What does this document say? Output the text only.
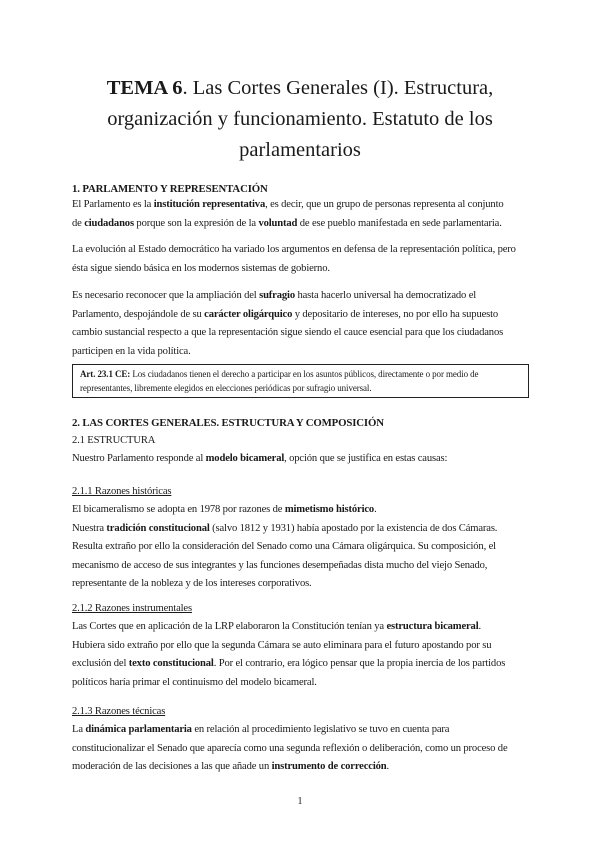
TEMA 6. Las Cortes Generales (I). Estructura,
organización y funcionamiento. Estatuto de los
parlamentarios
1. PARLAMENTO Y REPRESENTACIÓN
El Parlamento es la institución representativa, es decir, que un grupo de personas representa al conjunto
de ciudadanos porque son la expresión de la voluntad de ese pueblo manifestada en sede parlamentaria.
La evolución al Estado democrático ha variado los argumentos en defensa de la representación política, pero
ésta sigue siendo básica en los modernos sistemas de gobierno.
Es necesario reconocer que la ampliación del sufragio hasta hacerlo universal ha democratizado el
Parlamento, despojándole de su carácter oligárquico y depositario de intereses, no por ello ha supuesto
cambio sustancial respecto a que la representación sigue siendo el cauce esencial para que los ciudadanos
participen en la vida política.
2. LAS CORTES GENERALES. ESTRUCTURA Y COMPOSICIÓN
2.1 ESTRUCTURA
Nuestro Parlamento responde al modelo bicameral, opción que se justifica en estas causas:
2.1.1 Razones históricas
El bicameralismo se adopta en 1978 por razones de mimetismo histórico.
Nuestra tradición constitucional (salvo 1812 y 1931) había apostado por la existencia de dos Cámaras.
Resulta extraño por ello la consideración del Senado como una Cámara oligárquica. Su composición, el
mecanismo de acceso de sus integrantes y las funciones desempeñadas dista mucho del viejo Senado,
representante de la nobleza y de los intereses corporativos.
2.1.2 Razones instrumentales
Las Cortes que en aplicación de la LRP elaboraron la Constitución tenían ya estructura bicameral.
Hubiera sido extraño por ello que la segunda Cámara se auto eliminara para el futuro apostando por su
exclusión del texto constitucional. Por el contrario, era lógico pensar que la propia inercia de los partidos
políticos haría primar el continuismo del modelo bicameral.
2.1.3 Razones técnicas
La dinámica parlamentaria en relación al procedimiento legislativo se tuvo en cuenta para
constitucionalizar el Senado que aparecía como una segunda reflexión o deliberación, como un proceso de
moderación de las decisiones a las que añade un instrumento de corrección.
Art. 23.1 CE: Los ciudadanos tienen el derecho a participar en los asuntos públicos, directamente o por medio de
representantes, libremente elegidos en elecciones periódicas por sufragio universal.
1
